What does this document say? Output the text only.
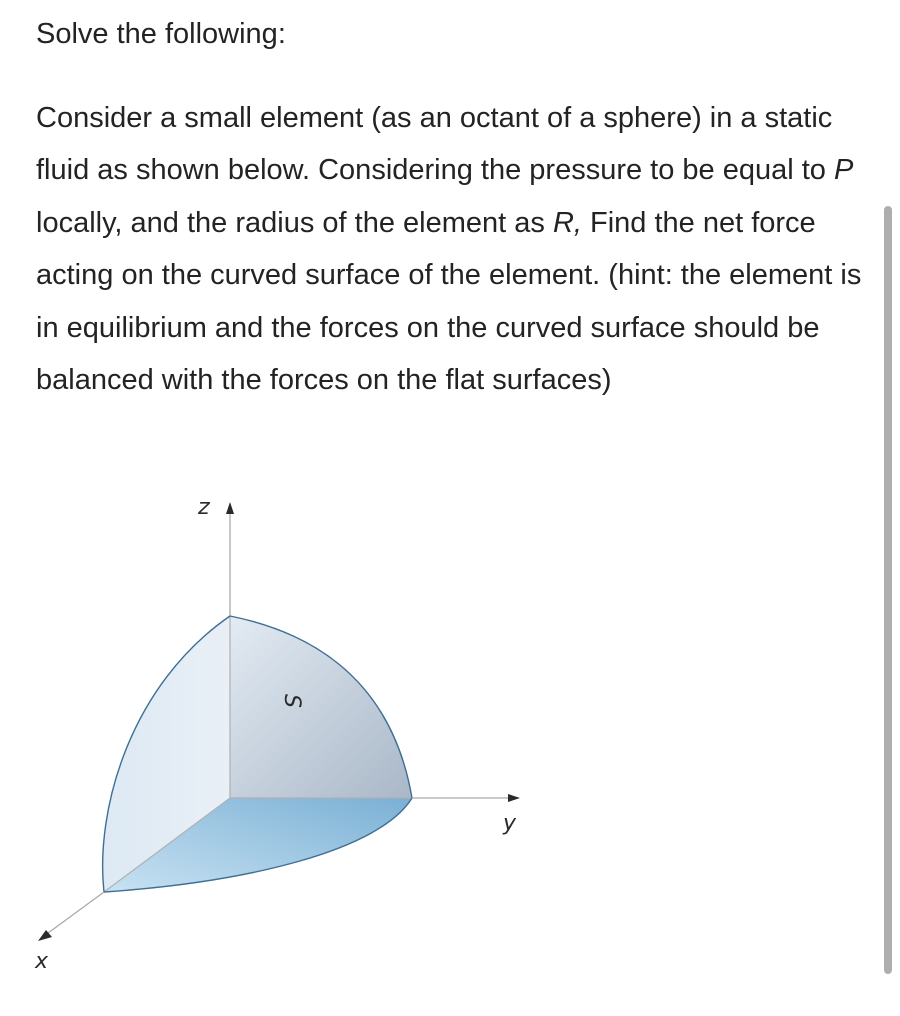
Solve the following:

Consider a small element (as an octant of a sphere) in a static fluid as shown below. Considering the pressure to be equal to P locally, and the radius of the element as R, Find the net force acting on the curved surface of the element. (hint: the element is in equilibrium and the forces on the curved surface should be balanced with the forces on the flat surfaces)

z
y
x
S
